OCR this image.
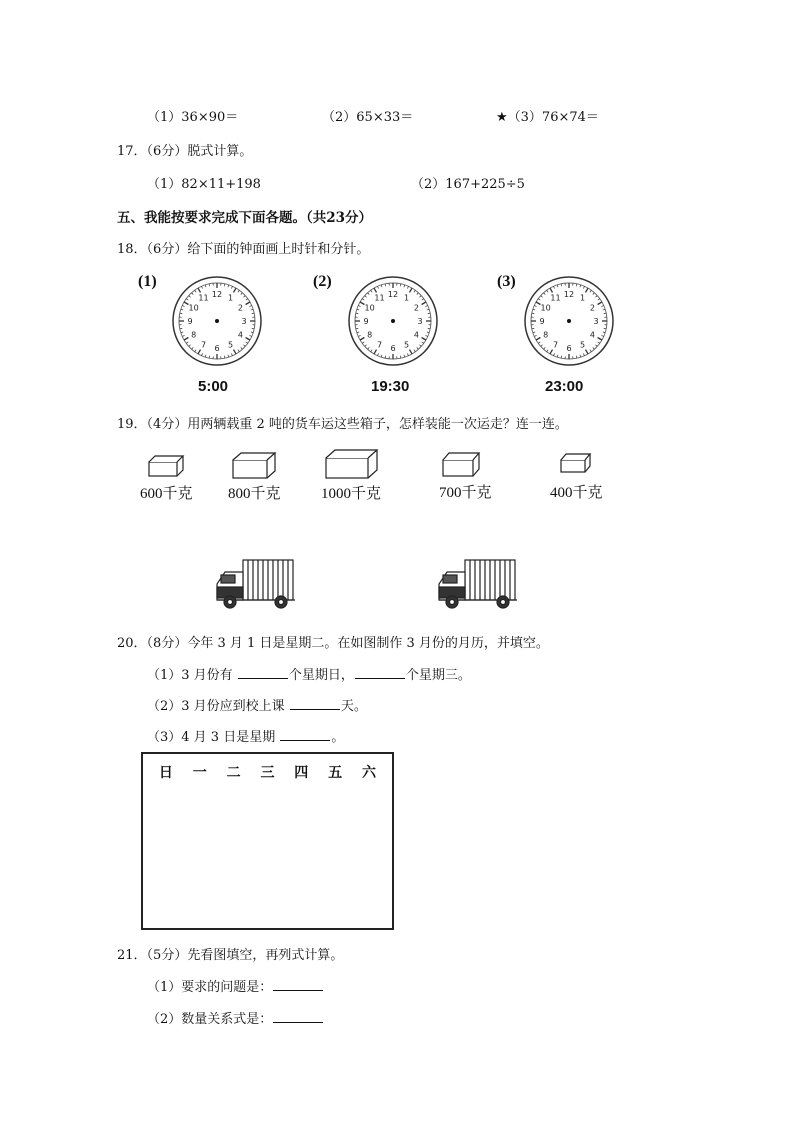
（1）36×90＝	（2）65×33＝	★（3）76×74＝
17．（6分）脱式计算。
（1）82×11+198	（2）167+225÷5
五、我能按要求完成下面各题。（共23分）
18．（6分）给下面的钟面画上时针和分针。
12 1
2
3
4
5
6
7
8
9
10
11	12 1
2
3
4
5
6
7
8
9
10
11	12 1
2
3
4
5
6
7
8
9
10
11
(1)	(2)	(3)
5:00	19:30	23:00
19．（4分）用两辆载重 2 吨的货车运这些箱子，怎样装能一次运走？连一连。
600千克 800千克	1000千克	700千克	400千克
20．（8分）今年 3 月 1 日是星期二。在如图制作 3 月份的月历，并填空。
（1）3 月份有	个星期日，	个星期三。
（2）3 月份应到校上课	天。
（3）4 月 3 日是星期	。
日 一 二 三 四 五 六
21．（5分）先看图填空，再列式计算。
（1）要求的问题是：
（2）数量关系式是：
